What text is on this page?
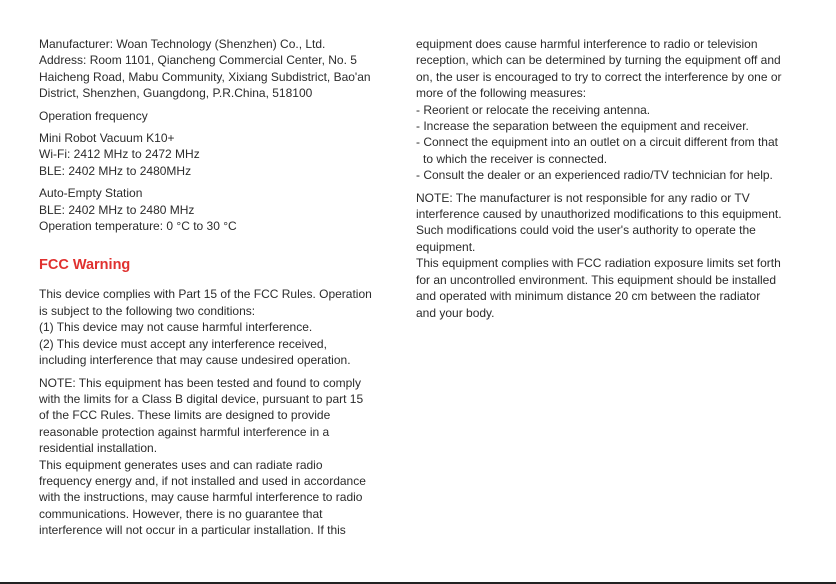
Manufacturer: Woan Technology (Shenzhen) Co., Ltd.
Address: Room 1101, Qiancheng Commercial Center, No. 5
Haicheng Road, Mabu Community, Xixiang Subdistrict, Bao'an
District, Shenzhen, Guangdong, P.R.China, 518100
Operation frequency
Mini Robot Vacuum K10+
Wi-Fi: 2412 MHz to 2472 MHz
BLE: 2402 MHz to 2480MHz
Auto-Empty Station
BLE: 2402 MHz to 2480 MHz
Operation temperature: 0 °C to 30 °C
FCC Warning
This device complies with Part 15 of the FCC Rules. Operation
is subject to the following two conditions:
(1) This device may not cause harmful interference.
(2) This device must accept any interference received,
including interference that may cause undesired operation.
NOTE: This equipment has been tested and found to comply
with the limits for a Class B digital device, pursuant to part 15
of the FCC Rules. These limits are designed to provide
reasonable protection against harmful interference in a
residential installation.
This equipment generates uses and can radiate radio
frequency energy and, if not installed and used in accordance
with the instructions, may cause harmful interference to radio
communications. However, there is no guarantee that
interference will not occur in a particular installation. If this
equipment does cause harmful interference to radio or television
reception, which can be determined by turning the equipment off and
on, the user is encouraged to try to correct the interference by one or
more of the following measures:
- Reorient or relocate the receiving antenna.
- Increase the separation between the equipment and receiver.
- Connect the equipment into an outlet on a circuit different from that
to which the receiver is connected.
- Consult the dealer or an experienced radio/TV technician for help.
NOTE: The manufacturer is not responsible for any radio or TV
interference caused by unauthorized modifications to this equipment.
Such modifications could void the user's authority to operate the
equipment.
This equipment complies with FCC radiation exposure limits set forth
for an uncontrolled environment. This equipment should be installed
and operated with minimum distance 20 cm between the radiator
and your body.
